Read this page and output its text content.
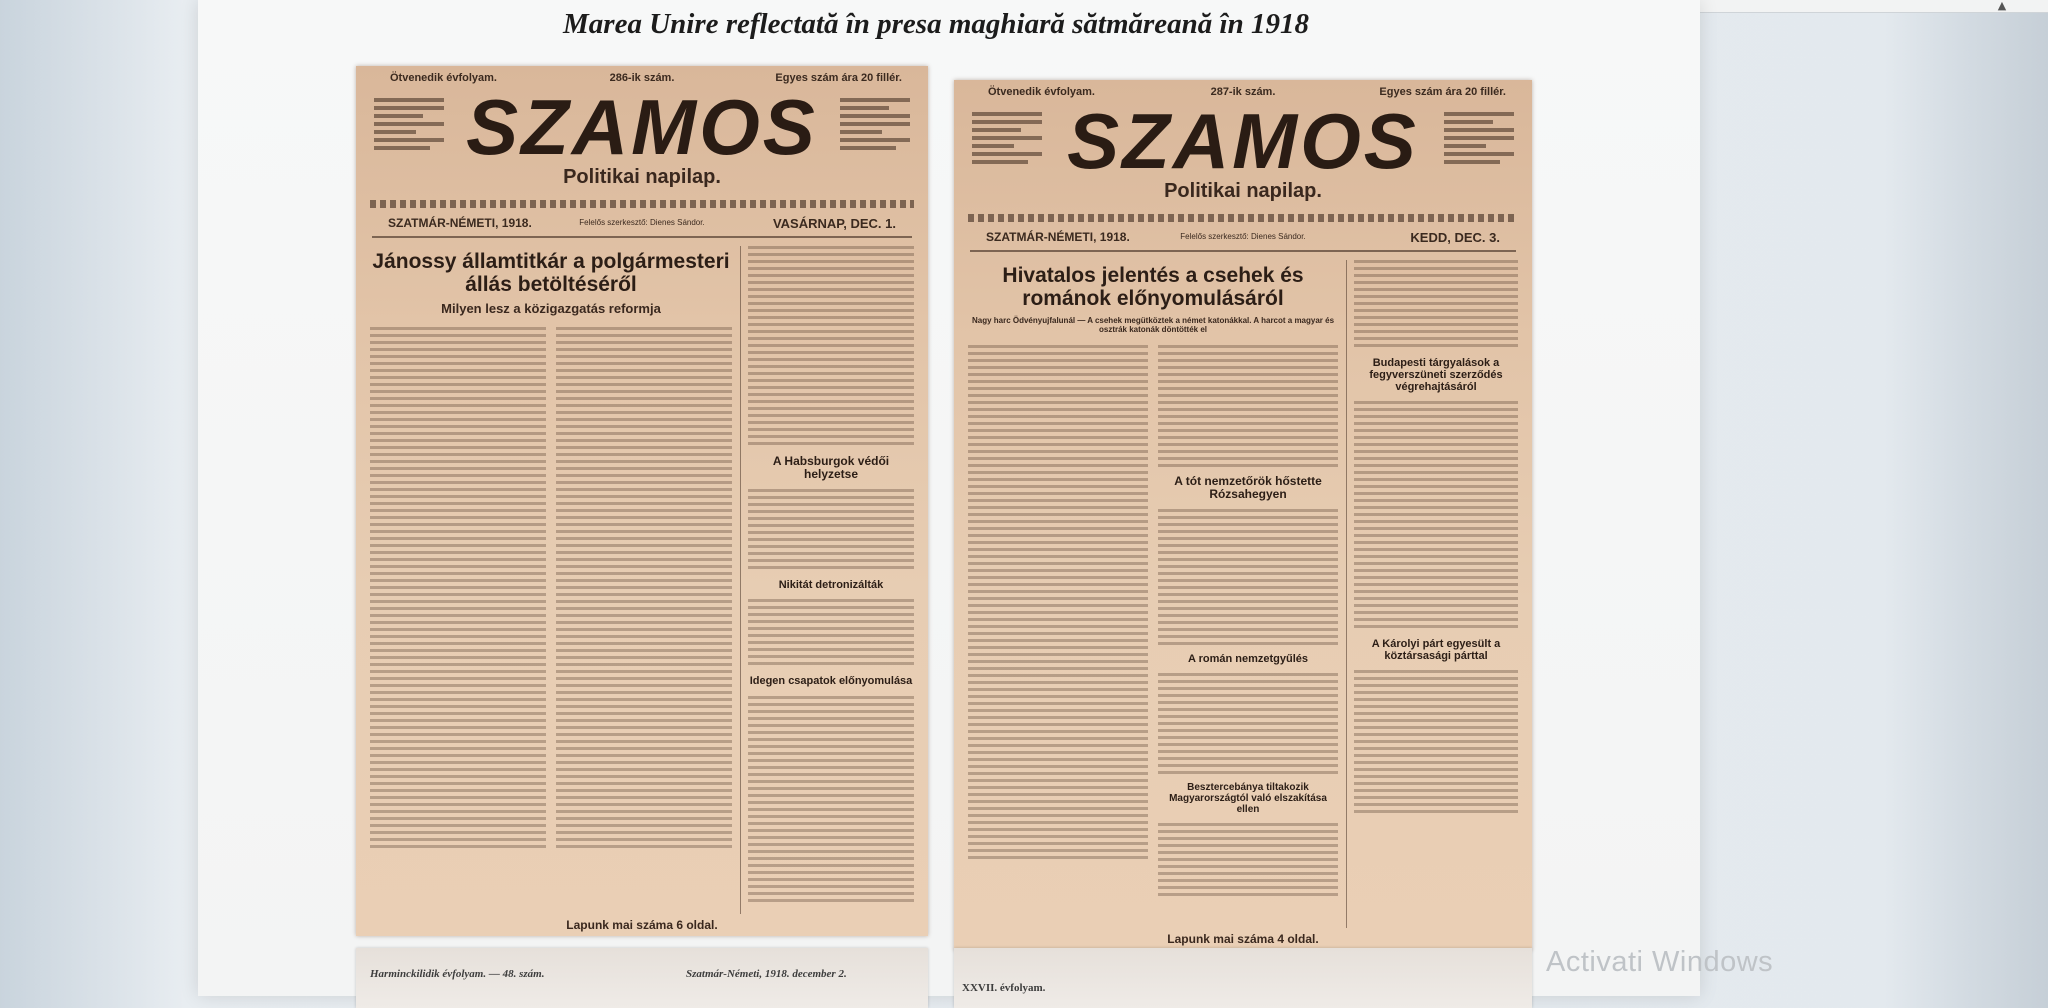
▲
Marea Unire reflectată în presa maghiară sătmăreană în 1918
Ötvenedik évfolyam.	286-ik szám.	Egyes szám ára 20 fillér.
SZAMOS
Politikai napilap.
SZATMÁR-NÉMETI, 1918.	Felelős szerkesztő: Dienes Sándor.	VASÁRNAP, DEC. 1.
Jánossy államtitkár a polgármesteri állás betöltéséről
Milyen lesz a közigazgatás reformja
A Habsburgok védői helyzetse
Nikitát detronizálták
Idegen csapatok előnyomulása
Lapunk mai száma 6 oldal.
Ötvenedik évfolyam.	287-ik szám.	Egyes szám ára 20 fillér.
SZAMOS
Politikai napilap.
SZATMÁR-NÉMETI, 1918.	Felelős szerkesztő: Dienes Sándor.	KEDD, DEC. 3.
Hivatalos jelentés a csehek és románok előnyomulásáról
Nagy harc Ödvényujfalunál — A csehek megütköztek a német katonákkal. A harcot a magyar és osztrák katonák döntötték el
A tót nemzetőrök hőstette Rózsahegyen
A román nemzetgyűlés
Besztercebánya tiltakozik Magyarországtól való elszakítása ellen
Budapesti tárgyalások a fegyverszüneti szerződés végrehajtásáról
A Károlyi párt egyesült a köztársasági párttal
Lapunk mai száma 4 oldal.
Harminckilidik évfolyam. — 48. szám.	Szatmár-Németi, 1918. december 2.
XXVII. évfolyam.
Activati Windows
